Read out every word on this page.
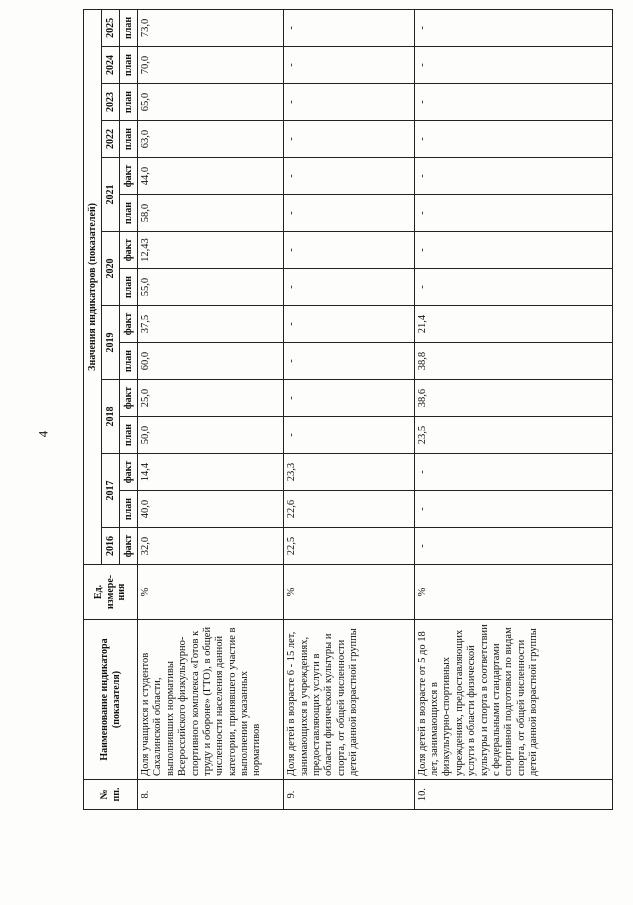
4
№ пп.	Наименование индикатора (показателя)	Ед. измере-ния	Значения индикаторов (показателей)														
			2016	2017		2018		2019		2020		2021		2022	2023	2024	2025
			факт	план	факт	план	факт	план	факт	план	факт	план	факт	план	план	план	план
8.	Доля учащихся и студентов Сахалинской области, выполнивших нормативы Всероссийского физкультурно-спортивного комплекса «Готов к труду и обороне» (ГТО), в общей численности населения данной категории, принявшего участие в выполнении указанных нормативов	%	32,0	40,0	14,4	50,0	25,0	60,0	37,5	55,0	12,43	58,0	44,0	63,0	65,0	70,0	73,0
9.	Доля детей в возрасте 6 - 15 лет, занимающихся в учреждениях, предоставляющих услуги в области физической культуры и спорта, от общей численности детей данной возрастной группы	%	22,5	22,6	23,3	-	-	-	-	-	-	-	-	-	-	-	-
10.	Доля детей в возрасте от 5 до 18 лет, занимающихся в физкультурно-спортивных учреждениях, предоставляющих услуги в области физической культуры и спорта в соответствии с федеральными стандартами спортивной подготовки по видам спорта, от общей численности детей данной возрастной группы	%	-	-	-	23,5	38,6	38,8	21,4	-	-	-	-	-	-	-	-
